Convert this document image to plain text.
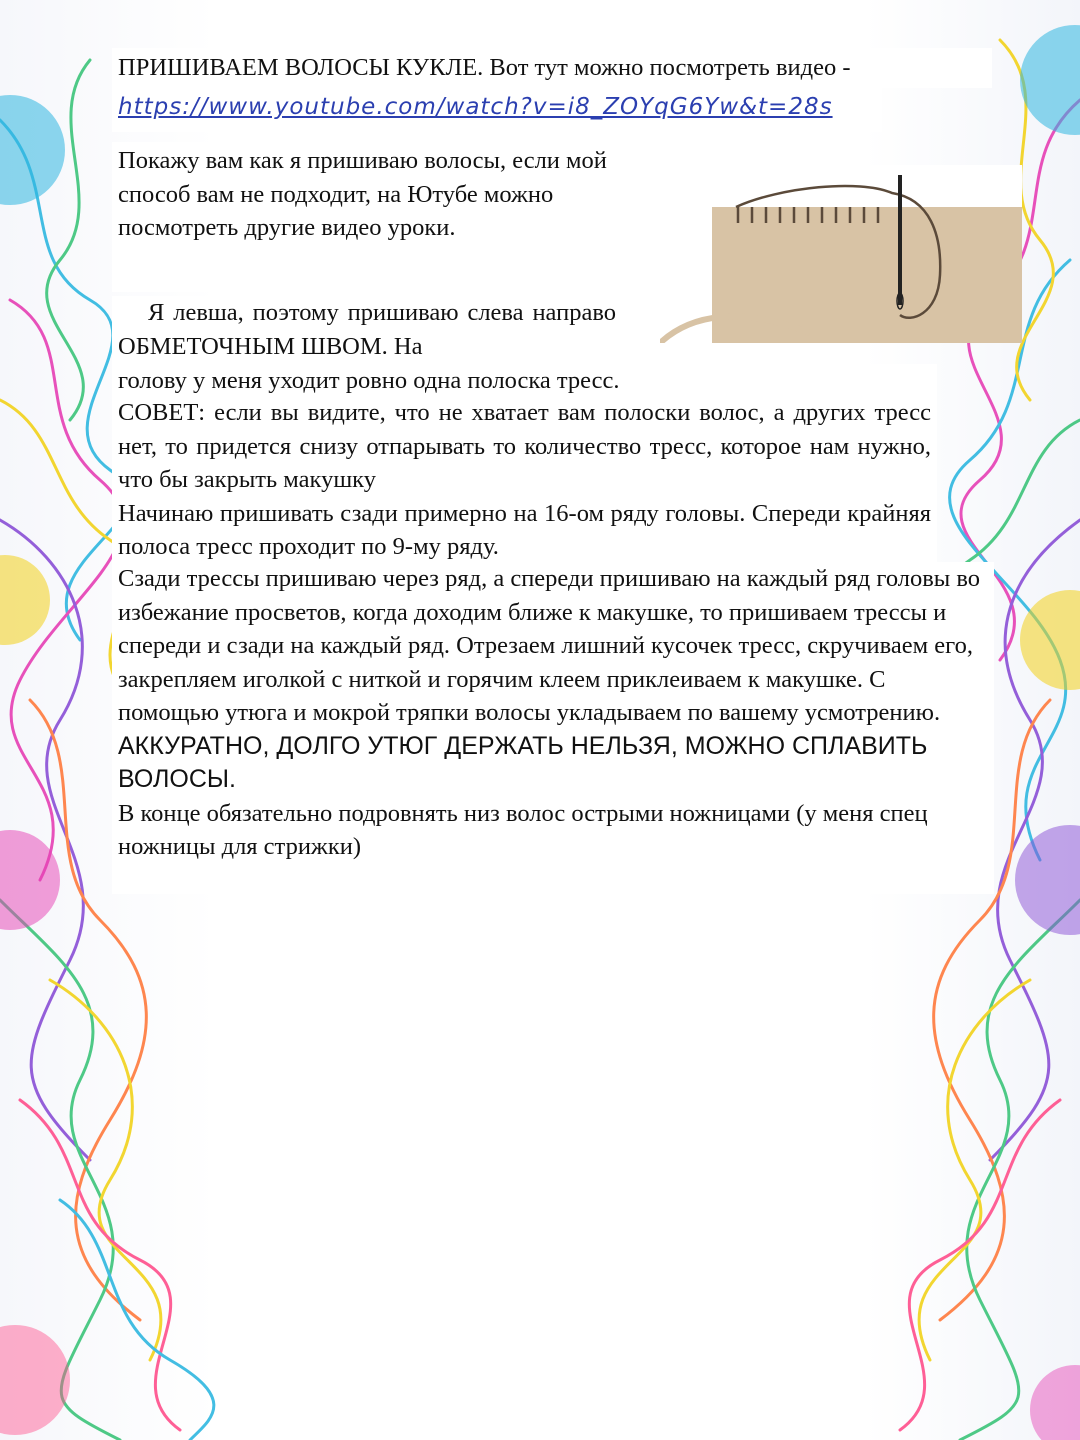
ПРИШИВАЕМ ВОЛОСЫ КУКЛЕ. Вот тут можно посмотреть видео -

https://www.youtube.com/watch?v=i8_ZOYqG6Yw&t=28s

Покажу вам как я пришиваю волосы, если мой способ вам не подходит, на Ютубе можно посмотреть другие видео уроки.

Я левша, поэтому пришиваю слева направо ОБМЕТОЧНЫМ ШВОМ. На

голову у меня уходит ровно одна полоска тресс.

СОВЕТ: если вы видите, что не хватает вам полоски волос, а других тресс нет, то придется снизу отпарывать то количество тресс, которое нам нужно, что бы закрыть макушку

Начинаю пришивать сзади примерно на 16-ом ряду головы. Спереди крайняя полоса тресс проходит по 9-му ряду.

Сзади трессы пришиваю через ряд, а спереди пришиваю на каждый ряд головы во избежание просветов, когда доходим ближе к макушке, то пришиваем трессы и спереди и сзади на каждый ряд. Отрезаем лишний кусочек тресс, скручиваем его, закрепляем иголкой с ниткой и горячим клеем приклеиваем к макушке. С помощью утюга и мокрой тряпки волосы укладываем по вашему усмотрению.

АККУРАТНО, ДОЛГО УТЮГ ДЕРЖАТЬ НЕЛЬЗЯ, МОЖНО СПЛАВИТЬ ВОЛОСЫ.

В конце обязательно подровнять низ волос острыми ножницами (у меня спец ножницы для стрижки)
